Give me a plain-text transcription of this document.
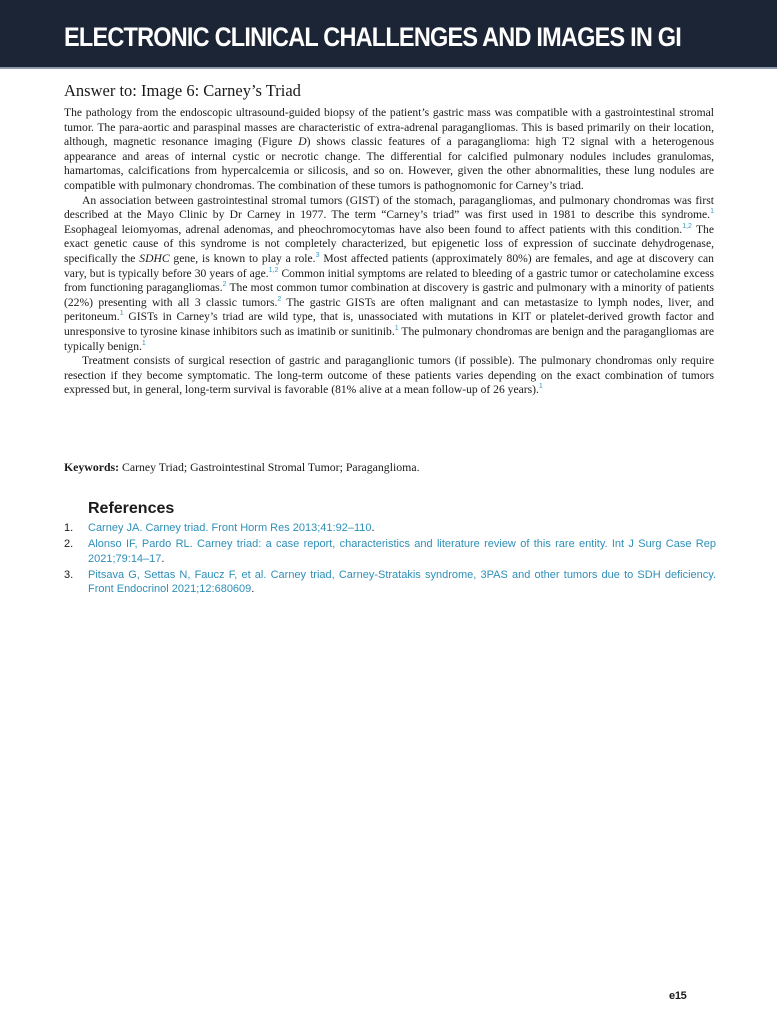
ELECTRONIC CLINICAL CHALLENGES AND IMAGES IN GI
Answer to: Image 6: Carney’s Triad

The pathology from the endoscopic ultrasound-guided biopsy of the patient’s gastric mass was compatible with a gastrointestinal stromal tumor. The para-aortic and paraspinal masses are characteristic of extra-adrenal paragangliomas. This is based primarily on their location, although, magnetic resonance imaging (Figure D) shows classic features of a paraganglioma: high T2 signal with a heterogenous appearance and areas of internal cystic or necrotic change. The differential for calcified pulmonary nodules includes granulomas, hamartomas, calcifications from hypercalcemia or silicosis, and so on. However, given the other abnormalities, these lung nodules are compatible with pulmonary chondromas. The combination of these tumors is pathognomonic for Carney’s triad.

An association between gastrointestinal stromal tumors (GIST) of the stomach, paragangliomas, and pulmonary chondromas was first described at the Mayo Clinic by Dr Carney in 1977. The term “Carney’s triad” was first used in 1981 to describe this syndrome.$^1$ Esophageal leiomyomas, adrenal adenomas, and pheochromocytomas have also been found to affect patients with this condition.$^{1,2}$ The exact genetic cause of this syndrome is not completely characterized, but epigenetic loss of expression of succinate dehydrogenase, specifically the SDHC gene, is known to play a role.$^3$ Most affected patients (approximately 80%) are females, and age at discovery can vary, but is typically before 30 years of age.$^{1,2}$ Common initial symptoms are related to bleeding of a gastric tumor or catecholamine excess from functioning paragangliomas.$^2$ The most common tumor combination at discovery is gastric and pulmonary with a minority of patients (22%) presenting with all 3 classic tumors.$^2$ The gastric GISTs are often malignant and can metastasize to lymph nodes, liver, and peritoneum.$^1$ GISTs in Carney’s triad are wild type, that is, unassociated with mutations in KIT or platelet-derived growth factor and unresponsive to tyrosine kinase inhibitors such as imatinib or sunitinib.$^1$ The pulmonary chondromas are benign and the paragangliomas are typically benign.$^1$

Treatment consists of surgical resection of gastric and paraganglionic tumors (if possible). The pulmonary chondromas only require resection if they become symptomatic. The long-term outcome of these patients varies depending on the exact combination of tumors expressed but, in general, long-term survival is favorable (81% alive at a mean follow-up of 26 years).$^1$

Keywords: Carney Triad; Gastrointestinal Stromal Tumor; Paraganglioma.
References
1.	Carney JA. Carney triad. Front Horm Res 2013;41:92–110.
2.	Alonso IF, Pardo RL. Carney triad: a case report, characteristics and literature review of this rare entity. Int J Surg Case Rep 2021;79:14–17.
3.	Pitsava G, Settas N, Faucz F, et al. Carney triad, Carney-Stratakis syndrome, 3PAS and other tumors due to SDH deficiency. Front Endocrinol 2021;12:680609.
e15
